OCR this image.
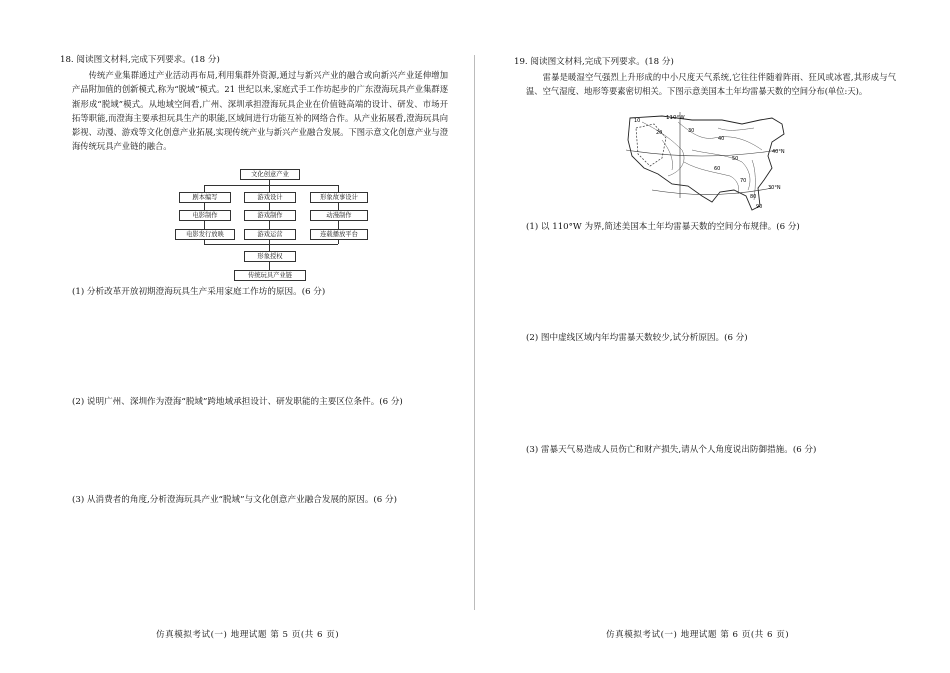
18. 阅读图文材料,完成下列要求。(18 分)
传统产业集群通过产业活动再布局,利用集群外资源,通过与新兴产业的融合或向新兴产业延伸增加产品附加值的创新模式,称为“脱域”模式。21 世纪以来,家庭式手工作坊起步的广东澄海玩具产业集群逐渐形成“脱域”模式。从地域空间看,广州、深圳承担澄海玩具企业在价值链高端的设计、研发、市场开拓等职能,而澄海主要承担玩具生产的职能,区域间进行功能互补的网络合作。从产业拓展看,澄海玩具向影视、动漫、游戏等文化创意产业拓展,实现传统产业与新兴产业融合发展。下图示意文化创意产业与澄海传统玩具产业链的融合。
文化创意产业
剧本编写	游戏设计	形象故事设计
电影制作	游戏制作	动漫制作
电影发行放映	游戏运营	连载播放平台
形象授权
传统玩具产业链
(1) 分析改革开放初期澄海玩具生产采用家庭工作坊的原因。(6 分)
(2) 说明广州、深圳作为澄海“脱域”跨地域承担设计、研发职能的主要区位条件。(6 分)
(3) 从消费者的角度,分析澄海玩具产业“脱域”与文化创意产业融合发展的原因。(6 分)
仿真模拟考试(一) 地理试题 第 5 页(共 6 页)
19. 阅读图文材料,完成下列要求。(18 分)
雷暴是暖湿空气强烈上升形成的中小尺度天气系统,它往往伴随着阵雨、狂风或冰雹,其形成与气温、空气湿度、地形等要素密切相关。下图示意美国本土年均雷暴天数的空间分布(单位:天)。
110°W
40°N
30°N
10
20	30
40
50
60
70
80
90
(1) 以 110°W 为界,简述美国本土年均雷暴天数的空间分布规律。(6 分)
(2) 图中虚线区域内年均雷暴天数较少,试分析原因。(6 分)
(3) 雷暴天气易造成人员伤亡和财产损失,请从个人角度说出防御措施。(6 分)
仿真模拟考试(一) 地理试题 第 6 页(共 6 页)
